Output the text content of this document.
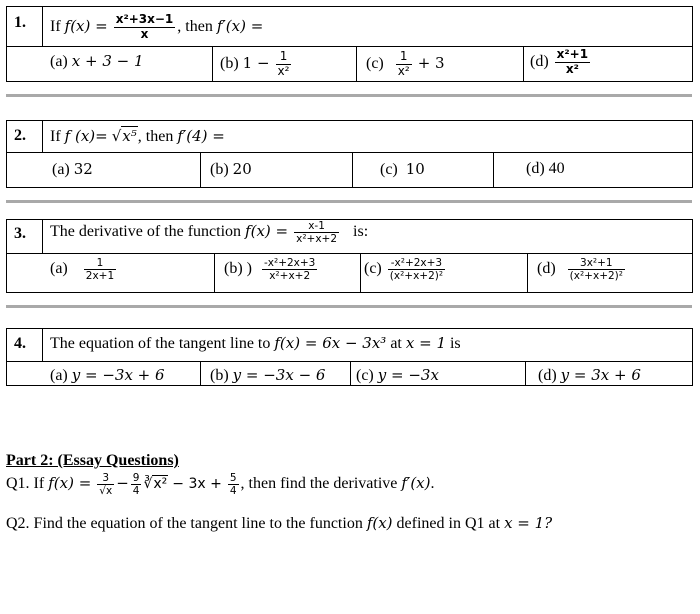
1. If $f(x) = \frac{\text{x²+3x−1}}{x}$ , then f′(x) =
(a) x + 3 − 1	(b) $1 - \frac{1}{\text{x²}}$	$(c) \frac{1}{\text{x²}} + 3$	$(d) \frac{\text{x²+1}}{\text{x²}}$
2. If f (x)= √x⁵, then f′(4) =
(a) 32	(b) 20	(c) 10	(d) 40
3. The derivative of the function $f(x) = \frac{x-1}{\text{x²+x+2}}$ is:
$(a) \frac{1}{2x+1}$	(b) ) $\frac{\text{-x²+2x+3}}{\text{x²+x+2}}$	$(c) \frac{\text{-x²+2x+3}}{\text{(x²+x+2)²}}$	$(d) \frac{\text{3x²+1}}{\text{(x²+x+2)²}}$
4. The equation of the tangent line to f(x) = 6x − 3x³ at x = 1 is
(a) y = −3x + 6	(b) y = −3x − 6 (c) y = −3x	(d) y = 3x + 6
Part 2: (Essay Questions)
Q1. If $f(x) = \frac{3}{√x} - \frac{9}{4}$ ∛x² − $3x + \frac{5}{4}$ , then find the derivative f′(x).
Q2. Find the equation of the tangent line to the function f(x) defined in Q1 at x = 1?
